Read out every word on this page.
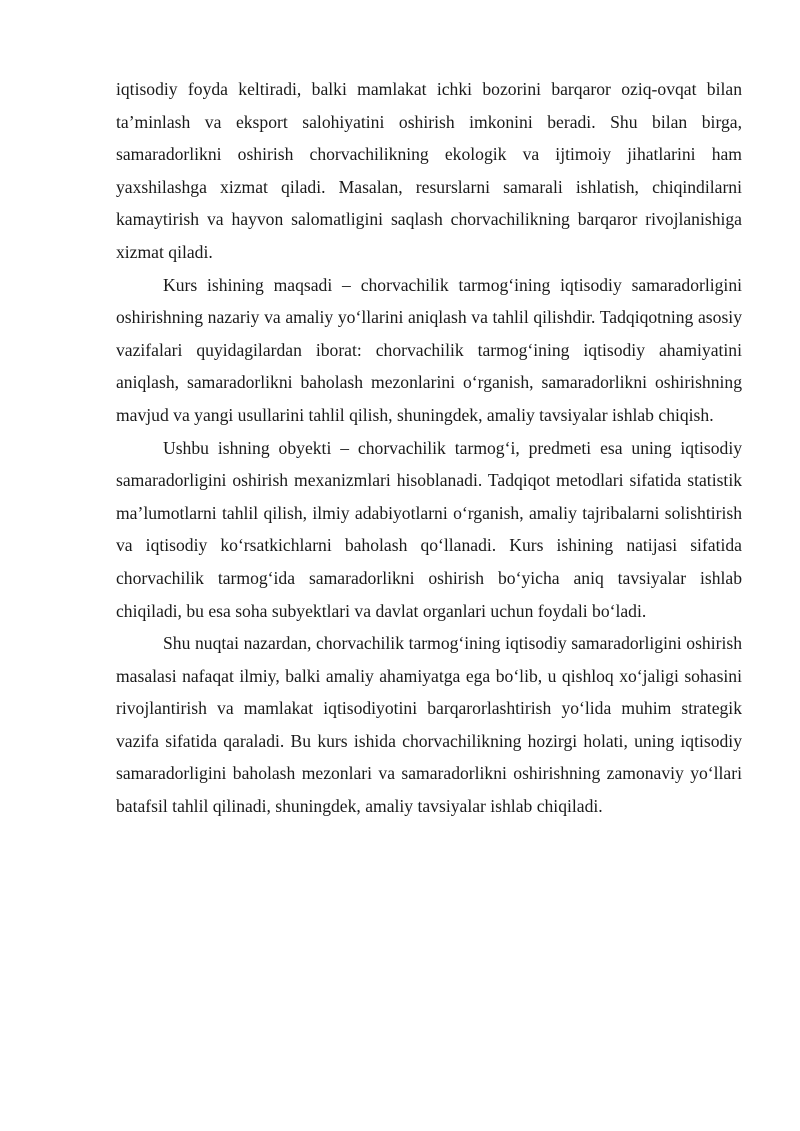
iqtisodiy foyda keltiradi, balki mamlakat ichki bozorini barqaror oziq-ovqat bilan ta’minlash va eksport salohiyatini oshirish imkonini beradi. Shu bilan birga, samaradorlikni oshirish chorvachilikning ekologik va ijtimoiy jihatlarini ham yaxshilashga xizmat qiladi. Masalan, resurslarni samarali ishlatish, chiqindilarni kamaytirish va hayvon salomatligini saqlash chorvachilikning barqaror rivojlanishiga xizmat qiladi.

Kurs ishining maqsadi – chorvachilik tarmog‘ining iqtisodiy samaradorligini oshirishning nazariy va amaliy yo‘llarini aniqlash va tahlil qilishdir. Tadqiqotning asosiy vazifalari quyidagilardan iborat: chorvachilik tarmog‘ining iqtisodiy ahamiyatini aniqlash, samaradorlikni baholash mezonlarini o‘rganish, samaradorlikni oshirishning mavjud va yangi usullarini tahlil qilish, shuningdek, amaliy tavsiyalar ishlab chiqish.

Ushbu ishning obyekti – chorvachilik tarmog‘i, predmeti esa uning iqtisodiy samaradorligini oshirish mexanizmlari hisoblanadi. Tadqiqot metodlari sifatida statistik ma’lumotlarni tahlil qilish, ilmiy adabiyotlarni o‘rganish, amaliy tajribalarni solishtirish va iqtisodiy ko‘rsatkichlarni baholash qo‘llanadi. Kurs ishining natijasi sifatida chorvachilik tarmog‘ida samaradorlikni oshirish bo‘yicha aniq tavsiyalar ishlab chiqiladi, bu esa soha subyektlari va davlat organlari uchun foydali bo‘ladi.

Shu nuqtai nazardan, chorvachilik tarmog‘ining iqtisodiy samaradorligini oshirish masalasi nafaqat ilmiy, balki amaliy ahamiyatga ega bo‘lib, u qishloq xo‘jaligi sohasini rivojlantirish va mamlakat iqtisodiyotini barqarorlashtirish yo‘lida muhim strategik vazifa sifatida qaraladi. Bu kurs ishida chorvachilikning hozirgi holati, uning iqtisodiy samaradorligini baholash mezonlari va samaradorlikni oshirishning zamonaviy yo‘llari batafsil tahlil qilinadi, shuningdek, amaliy tavsiyalar ishlab chiqiladi.
